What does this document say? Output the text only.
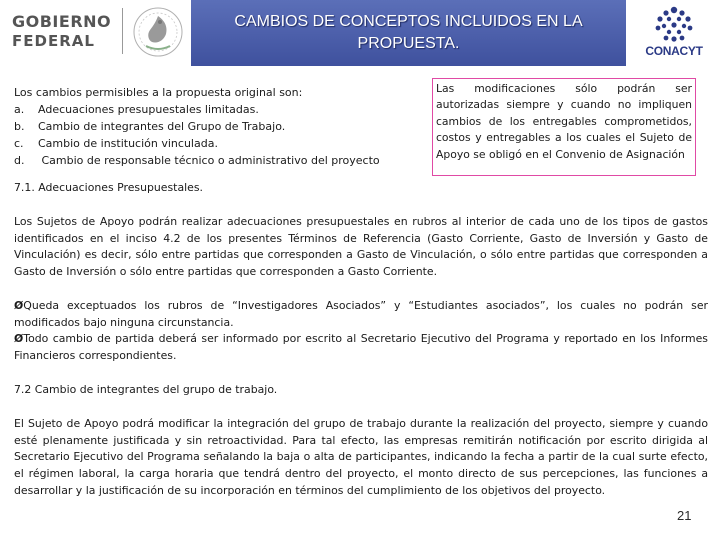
GOBIERNO
FEDERAL
CAMBIOS DE CONCEPTOS INCLUIDOS EN LA PROPUESTA.	CONACYT
Los cambios permisibles a la propuesta original son:
a. Adecuaciones presupuestales limitadas.
b. Cambio de integrantes del Grupo de Trabajo.
c. Cambio de institución vinculada.
d. Cambio de responsable técnico o administrativo del proyecto

Las modificaciones sólo podrán ser autorizadas siempre y cuando no impliquen cambios de los entregables comprometidos, costos y entregables a los cuales el Sujeto de Apoyo se obligó en el Convenio de Asignación

7.1. Adecuaciones Presupuestales.

Los Sujetos de Apoyo podrán realizar adecuaciones presupuestales en rubros al interior de cada uno de los tipos de gastos identificados en el inciso 4.2 de los presentes Términos de Referencia (Gasto Corriente, Gasto de Inversión y Gasto de Vinculación) es decir, sólo entre partidas que corresponden a Gasto de Vinculación, o sólo entre partidas que corresponden a Gasto de Inversión o sólo entre partidas que corresponden a Gasto Corriente.

ØQueda exceptuados los rubros de “Investigadores Asociados” y “Estudiantes asociados”, los cuales no podrán ser modificados bajo ninguna circunstancia.

ØTodo cambio de partida deberá ser informado por escrito al Secretario Ejecutivo del Programa y reportado en los Informes Financieros correspondientes.

7.2 Cambio de integrantes del grupo de trabajo.

El Sujeto de Apoyo podrá modificar la integración del grupo de trabajo durante la realización del proyecto, siempre y cuando esté plenamente justificada y sin retroactividad. Para tal efecto, las empresas remitirán notificación por escrito dirigida al Secretario Ejecutivo del Programa señalando la baja o alta de participantes, indicando la fecha a partir de la cual surte efecto, el régimen laboral, la carga horaria que tendrá dentro del proyecto, el monto directo de sus percepciones, las funciones a desarrollar y la justificación de su incorporación en términos del cumplimiento de los objetivos del proyecto.

21
